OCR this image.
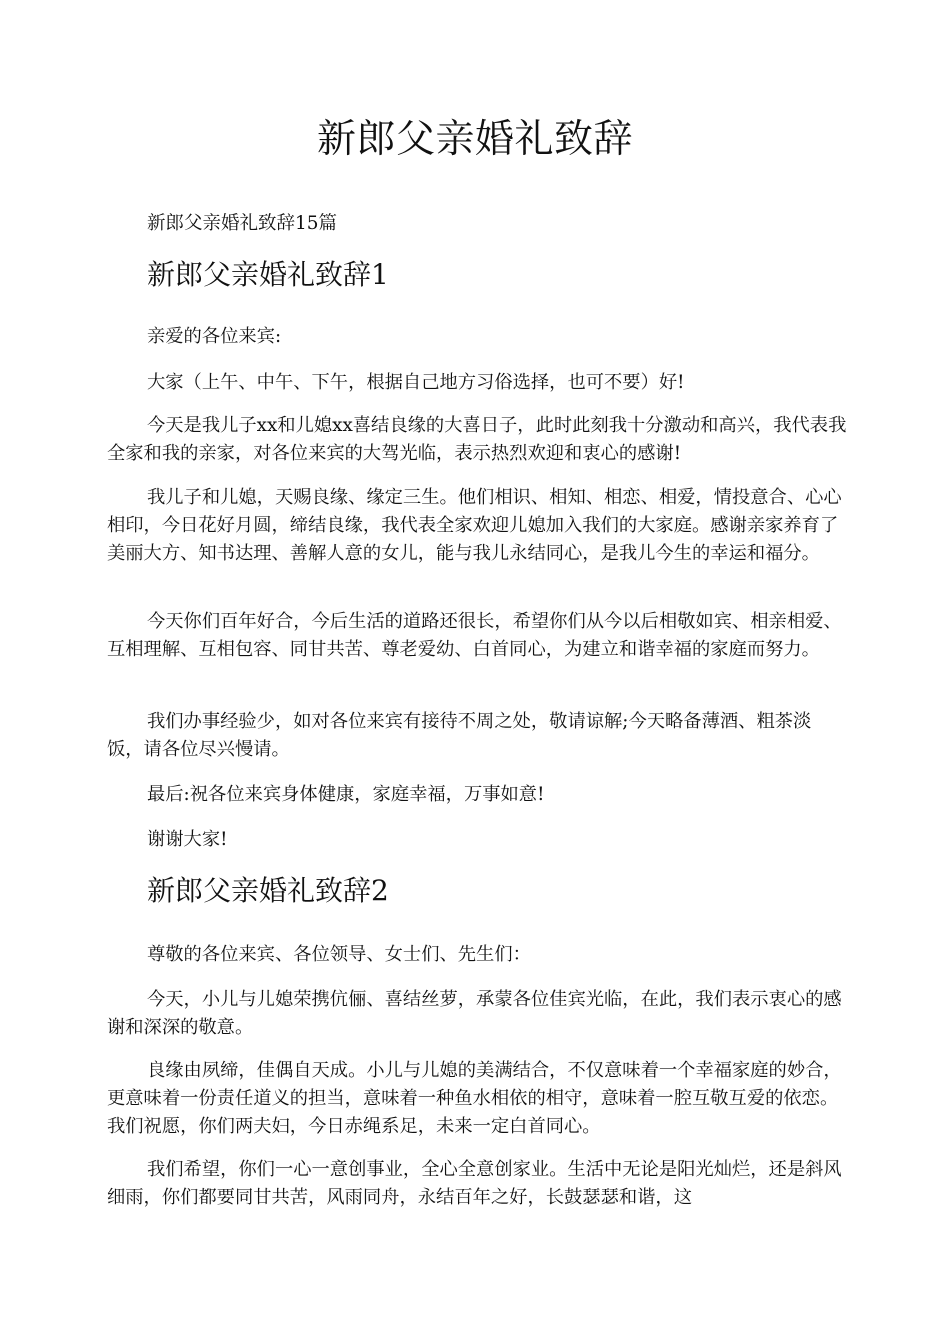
新郎父亲婚礼致辞

新郎父亲婚礼致辞15篇

新郎父亲婚礼致辞1

亲爱的各位来宾:

大家（上午、中午、下午，根据自己地方习俗选择，也可不要）好!

今天是我儿子xx和儿媳xx喜结良缘的大喜日子，此时此刻我十分激动和高兴，我代表我全家和我的亲家，对各位来宾的大驾光临，表示热烈欢迎和衷心的感谢!

我儿子和儿媳，天赐良缘、缘定三生。他们相识、相知、相恋、相爱，情投意合、心心相印，今日花好月圆，缔结良缘，我代表全家欢迎儿媳加入我们的大家庭。感谢亲家养育了美丽大方、知书达理、善解人意的女儿，能与我儿永结同心，是我儿今生的幸运和福分。

今天你们百年好合，今后生活的道路还很长，希望你们从今以后相敬如宾、相亲相爱、互相理解、互相包容、同甘共苦、尊老爱幼、白首同心，为建立和谐幸福的家庭而努力。

我们办事经验少，如对各位来宾有接待不周之处，敬请谅解;今天略备薄酒、粗茶淡饭，请各位尽兴慢请。

最后:祝各位来宾身体健康，家庭幸福，万事如意!

谢谢大家!

新郎父亲婚礼致辞2

尊敬的各位来宾、各位领导、女士们、先生们：

今天，小儿与儿媳荣携伉俪、喜结丝萝，承蒙各位佳宾光临，在此，我们表示衷心的感谢和深深的敬意。

良缘由夙缔，佳偶自天成。小儿与儿媳的美满结合，不仅意味着一个幸福家庭的妙合，更意味着一份责任道义的担当，意味着一种鱼水相依的相守，意味着一腔互敬互爱的依恋。我们祝愿，你们两夫妇，今日赤绳系足，未来一定白首同心。

我们希望，你们一心一意创事业，全心全意创家业。生活中无论是阳光灿烂，还是斜风细雨，你们都要同甘共苦，风雨同舟，永结百年之好，长鼓瑟瑟和谐，这
